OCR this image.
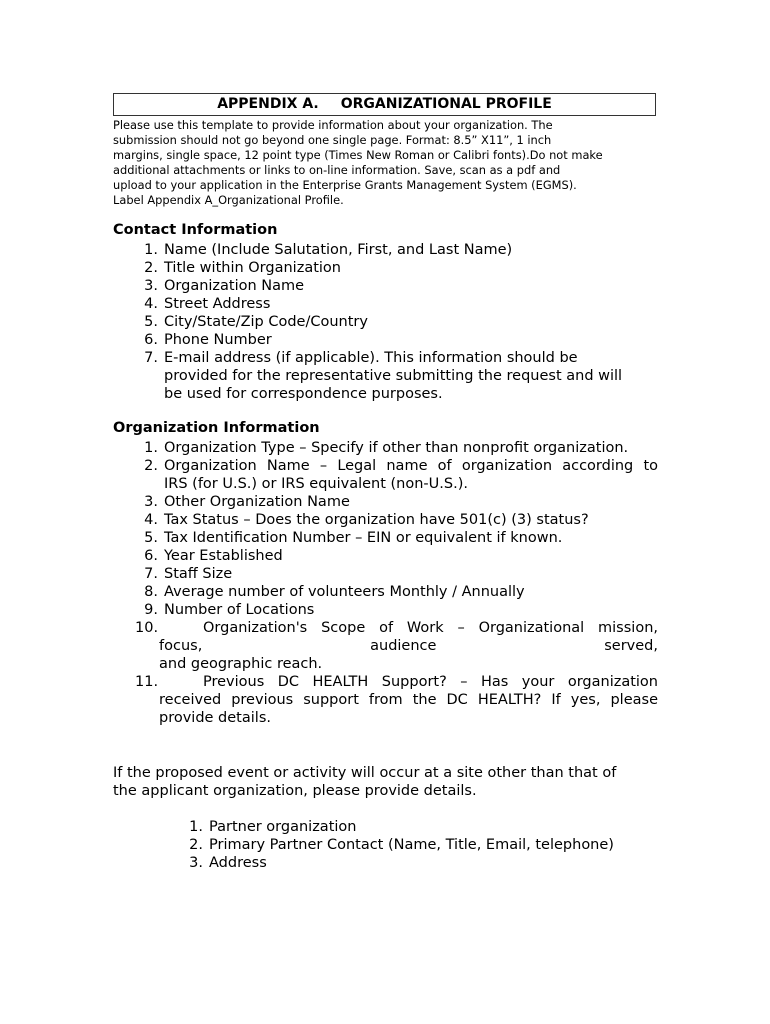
APPENDIX A. ORGANIZATIONAL PROFILE
Please use this template to provide information about your organization. The
submission should not go beyond one single page. Format: 8.5” X11”, 1 inch
margins, single space, 12 point type (Times New Roman or Calibri fonts).Do not make
additional attachments or links to on-line information. Save, scan as a pdf and
upload to your application in the Enterprise Grants Management System (EGMS).
Label Appendix A_Organizational Profile.
Contact Information
1. Name (Include Salutation, First, and Last Name)
2. Title within Organization
3. Organization Name
4. Street Address
5. City/State/Zip Code/Country
6. Phone Number
7. E-mail address (if applicable). This information should be
provided for the representative submitting the request and will
be used for correspondence purposes.
Organization Information
1. Organization Type – Specify if other than nonprofit organization.
2. Organization Name – Legal name of organization according to
IRS (for U.S.) or IRS equivalent (non-U.S.).
3. Other Organization Name
4. Tax Status – Does the organization have 501(c) (3) status?
5. Tax Identification Number – EIN or equivalent if known.
6. Year Established
7. Staff Size
8. Average number of volunteers Monthly / Annually
9. Number of Locations
10.	Organization's Scope of Work – Organizational mission,
focus, audience served,
and geographic reach.
11.	Previous DC HEALTH Support? – Has your organization
received previous support from the DC HEALTH? If yes, please
provide details.
If the proposed event or activity will occur at a site other than that of
the applicant organization, please provide details.
1. Partner organization
2. Primary Partner Contact (Name, Title, Email, telephone)
3. Address
